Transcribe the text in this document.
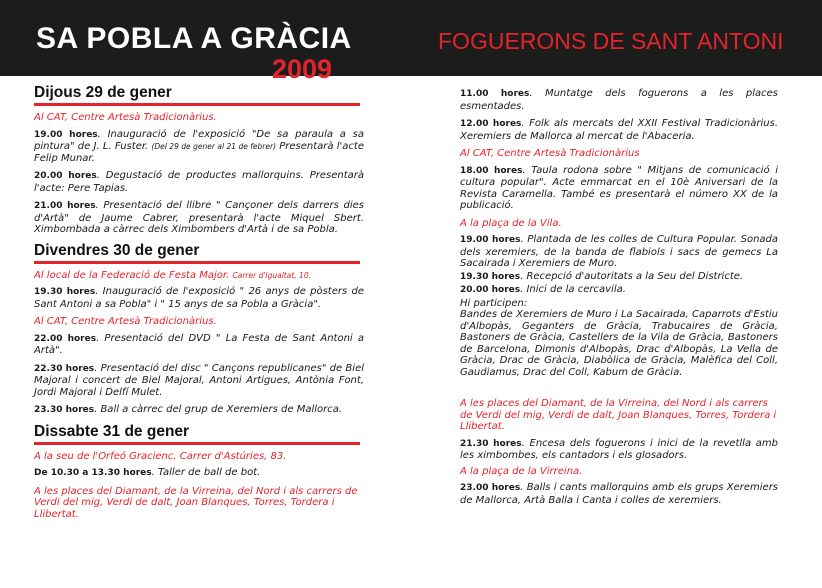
SA POBLA A GRÀCIA
2009
FOGUERONS DE SANT ANTONI
Dijous 29 de gener
Al CAT, Centre Artesà Tradicionàrius.
19.00 hores. Inauguració de l'exposició "De sa paraula a sa pintura" de J. L. Fuster. (Del 29 de gener al 21 de febrer) Presentarà l'acte Felip Munar.
20.00 hores. Degustació de productes mallorquins. Presentarà l'acte: Pere Tapias.
21.00 hores. Presentació del llibre " Cançoner dels darrers dies d'Artà" de Jaume Cabrer, presentarà l'acte Miquel Sbert. Ximbombada a càrrec dels Ximbombers d'Artà i de sa Pobla.
Divendres 30 de gener
Al local de la Federació de Festa Major. Carrer d'Igualtat, 10.
19.30 hores. Inauguració de l'exposició " 26 anys de pòsters de Sant Antoni a sa Pobla" i " 15 anys de sa Pobla a Gràcia".
Al CAT, Centre Artesà Tradicionàrius.
22.00 hores. Presentació del DVD " La Festa de Sant Antoni a Artà".
22.30 hores. Presentació del disc " Cançons republicanes" de Biel Majoral i concert de Biel Majoral, Antoni Artigues, Antònia Font, Jordi Majoral i Delfí Mulet.
23.30 hores. Ball a càrrec del grup de Xeremiers de Mallorca.
Dissabte 31 de gener
A la seu de l'Orfeó Gracienc. Carrer d'Astúries, 83.
De 10.30 a 13.30 hores. Taller de ball de bot.
A les places del Diamant, de la Virreina, del Nord i als carrers de Verdi del mig, Verdi de dalt, Joan Blanques, Torres, Tordera i Llibertat.
11.00 hores. Muntatge dels foguerons a les places esmentades.
12.00 hores. Folk als mercats del XXII Festival Tradicionàrius. Xeremiers de Mallorca al mercat de l'Abaceria.
Al CAT, Centre Artesà Tradicionàrius
18.00 hores. Taula rodona sobre " Mitjans de comunicació i cultura popular". Acte emmarcat en el 10è Aniversari de la Revista Caramella. També es presentarà el número XX de la publicació.
A la plaça de la Vila.
19.00 hores. Plantada de les colles de Cultura Popular. Sonada dels xeremiers, de la banda de flabiols i sacs de gemecs La Sacairada i Xeremiers de Muro.
19.30 hores. Recepció d'autoritats a la Seu del Districte.
20.00 hores. Inici de la cercavila.
Hi participen:
Bandes de Xeremiers de Muro i La Sacairada, Caparrots d'Estiu d'Albopàs, Geganters de Gràcia, Trabucaires de Gràcia, Bastoners de Gràcia, Castellers de la Vila de Gràcia, Bastoners de Barcelona, Dimonis d'Albopàs, Drac d'Albopàs, La Vella de Gràcia, Drac de Gràcia, Diabòlica de Gràcia, Malèfica del Coll, Gaudiamus, Drac del Coll, Kabum de Gràcia.
A les places del Diamant, de la Virreina, del Nord i als carrers de Verdi del mig, Verdi de dalt, Joan Blanques, Torres, Tordera i Llibertat.
21.30 hores. Encesa dels foguerons i inici de la revetlla amb les ximbombes, els cantadors i els glosadors.
A la plaça de la Virreina.
23.00 hores. Balls i cants mallorquins amb els grups Xeremiers de Mallorca, Artà Balla i Canta i colles de xeremiers.
